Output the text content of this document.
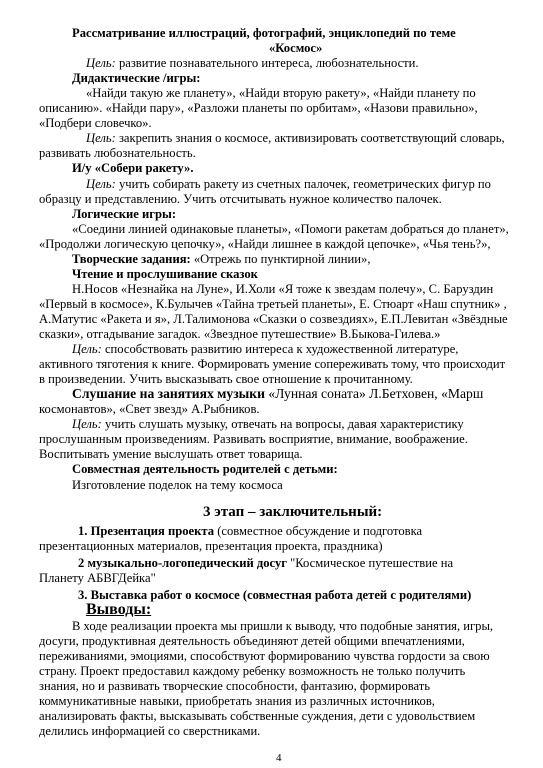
Рассматривание иллюстраций, фотографий, энциклопедий по теме
«Космос»
Цель: развитие познавательного интереса, любознательности.
Дидактические /игры:
«Найди такую же планету», «Найди вторую ракету», «Найди планету по
описанию». «Найди пару», «Разложи планеты по орбитам», «Назови правильно»,
«Подбери словечко».
Цель: закрепить знания о космосе, активизировать соответствующий словарь,
развивать любознательность.
И/у «Собери ракету».
Цель: учить собирать ракету из счетных палочек, геометрических фигур по
образцу и представлению. Учить отсчитывать нужное количество палочек.
Логические игры:
«Соедини линией одинаковые планеты», «Помоги ракетам добраться до планет»,
«Продолжи логическую цепочку», «Найди лишнее в каждой цепочке», «Чья тень?»,
Творческие задания: «Отрежь по пунктирной линии»,
Чтение и прослушивание сказок
Н.Носов «Незнайка на Луне», И.Холи «Я тоже к звездам полечу», С. Баруздин
«Первый в космосе», К.Булычев «Тайна третьей планеты», Е. Стюарт «Наш спутник» ,
А.Матутис «Ракета и я», Л.Талимонова «Сказки о созвездиях», Е.П.Левитан «Звёздные
сказки», отгадывание загадок. «Звездное путешествие» В.Быкова-Гилева.»
Цель: способствовать развитию интереса к художественной литературе,
активного тяготения к книге. Формировать умение сопереживать тому, что происходит
в произведении. Учить высказывать свое отношение к прочитанному.
Слушание на занятиях музыки «Лунная соната» Л.Бетховен, «Марш
космонавтов», «Свет звезд» А.Рыбников.
Цель: учить слушать музыку, отвечать на вопросы, давая характеристику
прослушанным произведениям. Развивать восприятие, внимание, воображение.
Воспитывать умение выслушать ответ товарища.
Совместная деятельность родителей с детьми:
Изготовление поделок на тему космоса
3 этап – заключительный:
1. Презентация проекта (совместное обсуждение и подготовка
презентационных материалов, презентация проекта, праздника)
2 музыкально-логопедический досуг "Космическое путешествие на
Планету АБВГДейка"
3. Выставка работ о космосе (совместная работа детей с родителями)
Выводы:
В ходе реализации проекта мы пришли к выводу, что подобные занятия, игры,
досуги, продуктивная деятельность объединяют детей общими впечатлениями,
переживаниями, эмоциями, способствуют формированию чувства гордости за свою
страну. Проект предоставил каждому ребенку возможность не только получить
знания, но и развивать творческие способности, фантазию, формировать
коммуникативные навыки, приобретать знания из различных источников,
анализировать факты, высказывать собственные суждения, дети с удовольствием
делились информацией со сверстниками.
4
